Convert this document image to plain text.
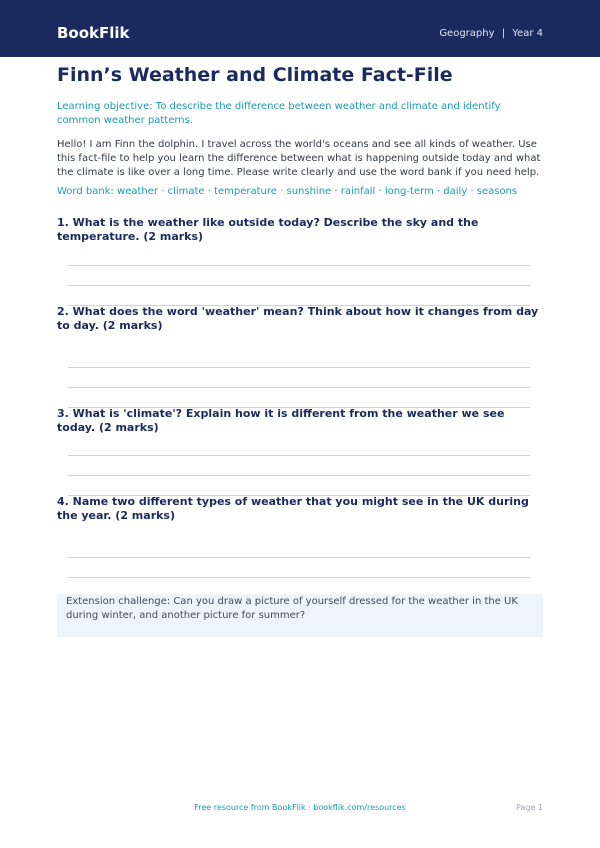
BookFlik	Geography | Year 4
Finn’s Weather and Climate Fact-File
Learning objective: To describe the difference between weather and climate and identify common weather patterns.
Hello! I am Finn the dolphin. I travel across the world's oceans and see all kinds of weather. Use this fact-file to help you learn the difference between what is happening outside today and what the climate is like over a long time. Please write clearly and use the word bank if you need help.
Word bank: weather · climate · temperature · sunshine · rainfall · long-term · daily · seasons
1. What is the weather like outside today? Describe the sky and the temperature. (2 marks)
2. What does the word 'weather' mean? Think about how it changes from day to day. (2 marks)
3. What is 'climate'? Explain how it is different from the weather we see today. (2 marks)
4. Name two different types of weather that you might see in the UK during the year. (2 marks)
Extension challenge: Can you draw a picture of yourself dressed for the weather in the UK during winter, and another picture for summer?
Free resource from BookFlik · bookflik.com/resources	Page 1
